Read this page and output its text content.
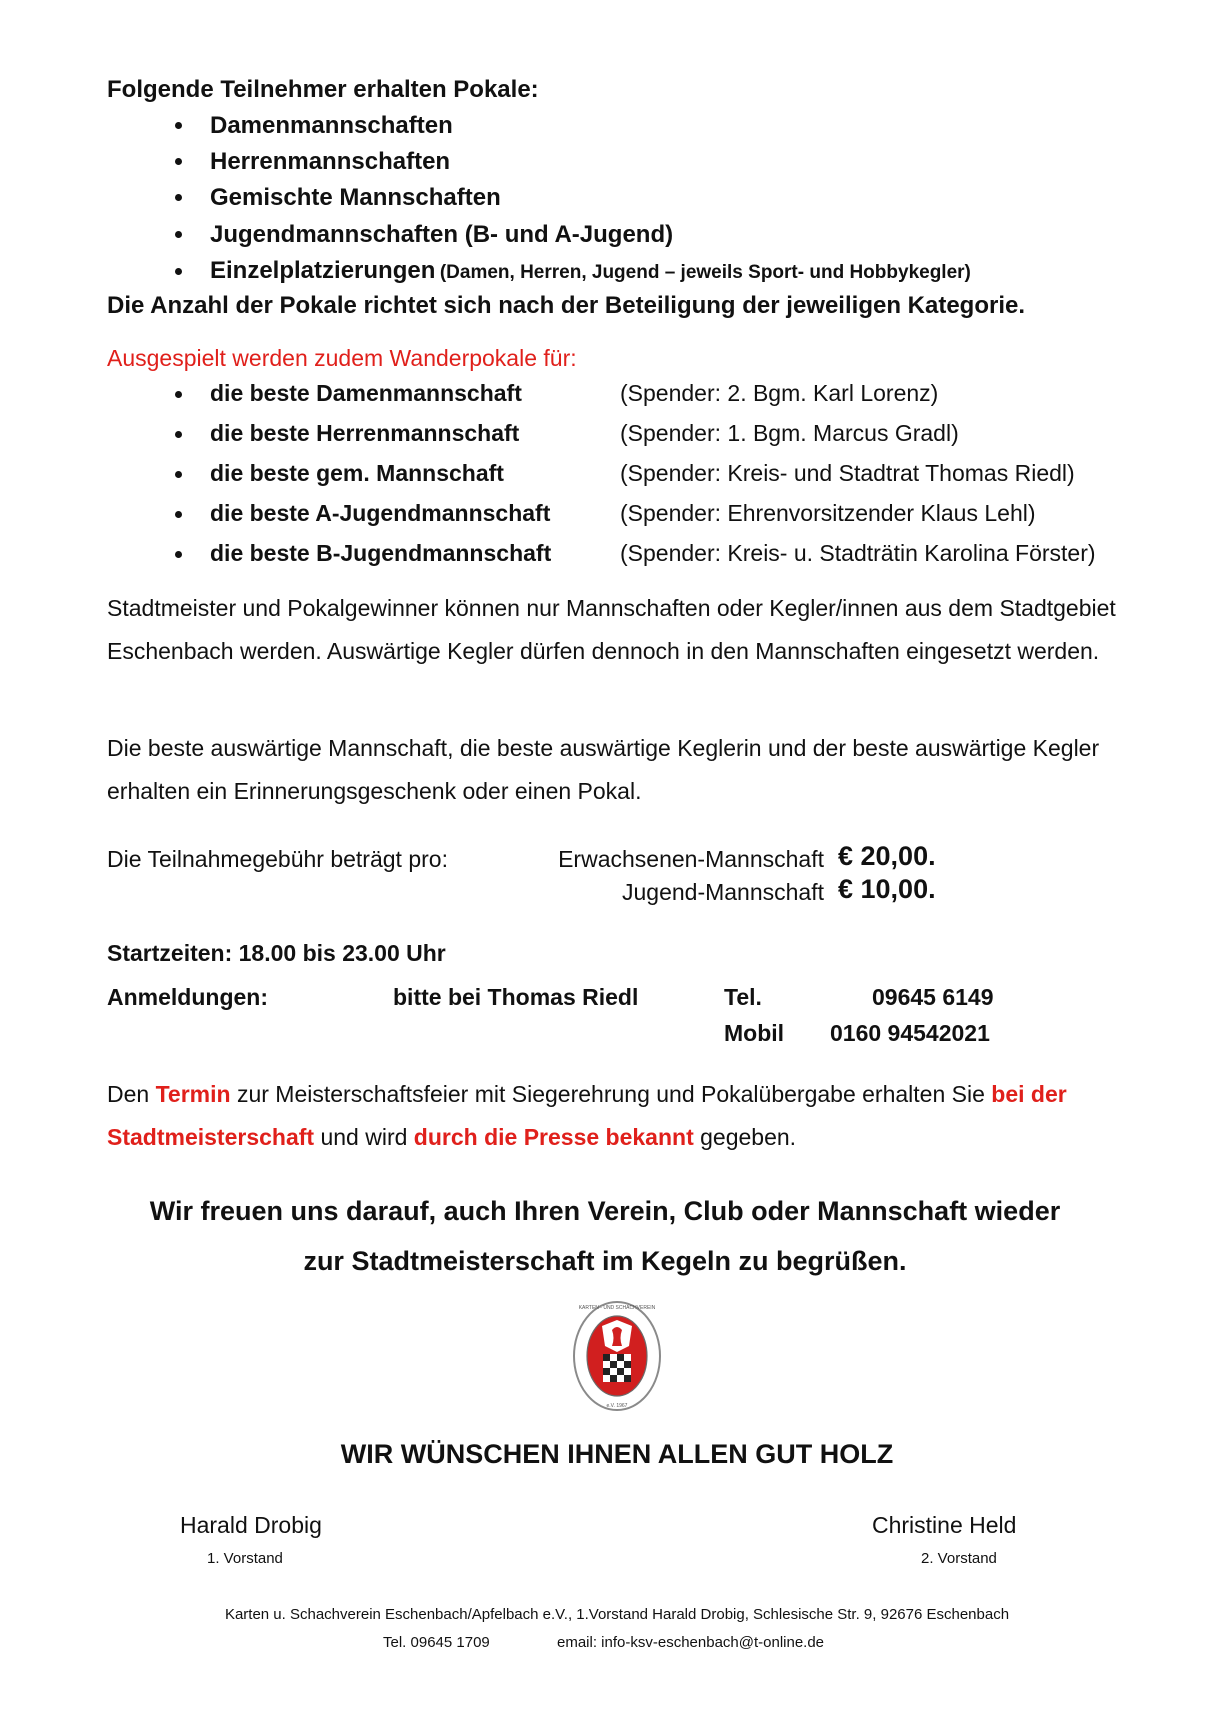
Folgende Teilnehmer erhalten Pokale:
Damenmannschaften
Herrenmannschaften
Gemischte Mannschaften
Jugendmannschaften (B- und A-Jugend)
Einzelplatzierungen (Damen, Herren, Jugend – jeweils Sport- und Hobbykegler)
Die Anzahl der Pokale richtet sich nach der Beteiligung der jeweiligen Kategorie.
Ausgespielt werden zudem Wanderpokale für:
die beste Damenmannschaft	(Spender: 2. Bgm. Karl Lorenz)
die beste Herrenmannschaft	(Spender: 1. Bgm. Marcus Gradl)
die beste gem. Mannschaft	(Spender: Kreis- und Stadtrat Thomas Riedl)
die beste A-Jugendmannschaft	(Spender: Ehrenvorsitzender Klaus Lehl)
die beste B-Jugendmannschaft	(Spender: Kreis- u. Stadträtin Karolina Förster)
Stadtmeister und Pokalgewinner können nur Mannschaften oder Kegler/innen aus dem Stadtgebiet Eschenbach werden. Auswärtige Kegler dürfen dennoch in den Mannschaften eingesetzt werden.
Die beste auswärtige Mannschaft, die beste auswärtige Keglerin und der beste auswärtige Kegler erhalten ein Erinnerungsgeschenk oder einen Pokal.
Die Teilnahmegebühr beträgt pro:	Erwachsenen-Mannschaft € 20,00.
Jugend-Mannschaft € 10,00.
Startzeiten: 18.00 bis 23.00 Uhr
Anmeldungen:	bitte bei Thomas Riedl	Tel.	09645 6149
Mobil 0160 94542021
Den Termin zur Meisterschaftsfeier mit Siegerehrung und Pokalübergabe erhalten Sie bei der Stadtmeisterschaft und wird durch die Presse bekannt gegeben.
Wir freuen uns darauf, auch Ihren Verein, Club oder Mannschaft wieder
zur Stadtmeisterschaft im Kegeln zu begrüßen.
KARTEN - UND SCHACHVEREIN
e.V. 1967
WIR WÜNSCHEN IHNEN ALLEN GUT HOLZ
Harald Drobig
1. Vorstand
Christine Held
2. Vorstand
Karten u. Schachverein Eschenbach/Apfelbach e.V., 1.Vorstand Harald Drobig, Schlesische Str. 9, 92676 Eschenbach
Tel. 09645 1709	email: info-ksv-eschenbach@t-online.de
